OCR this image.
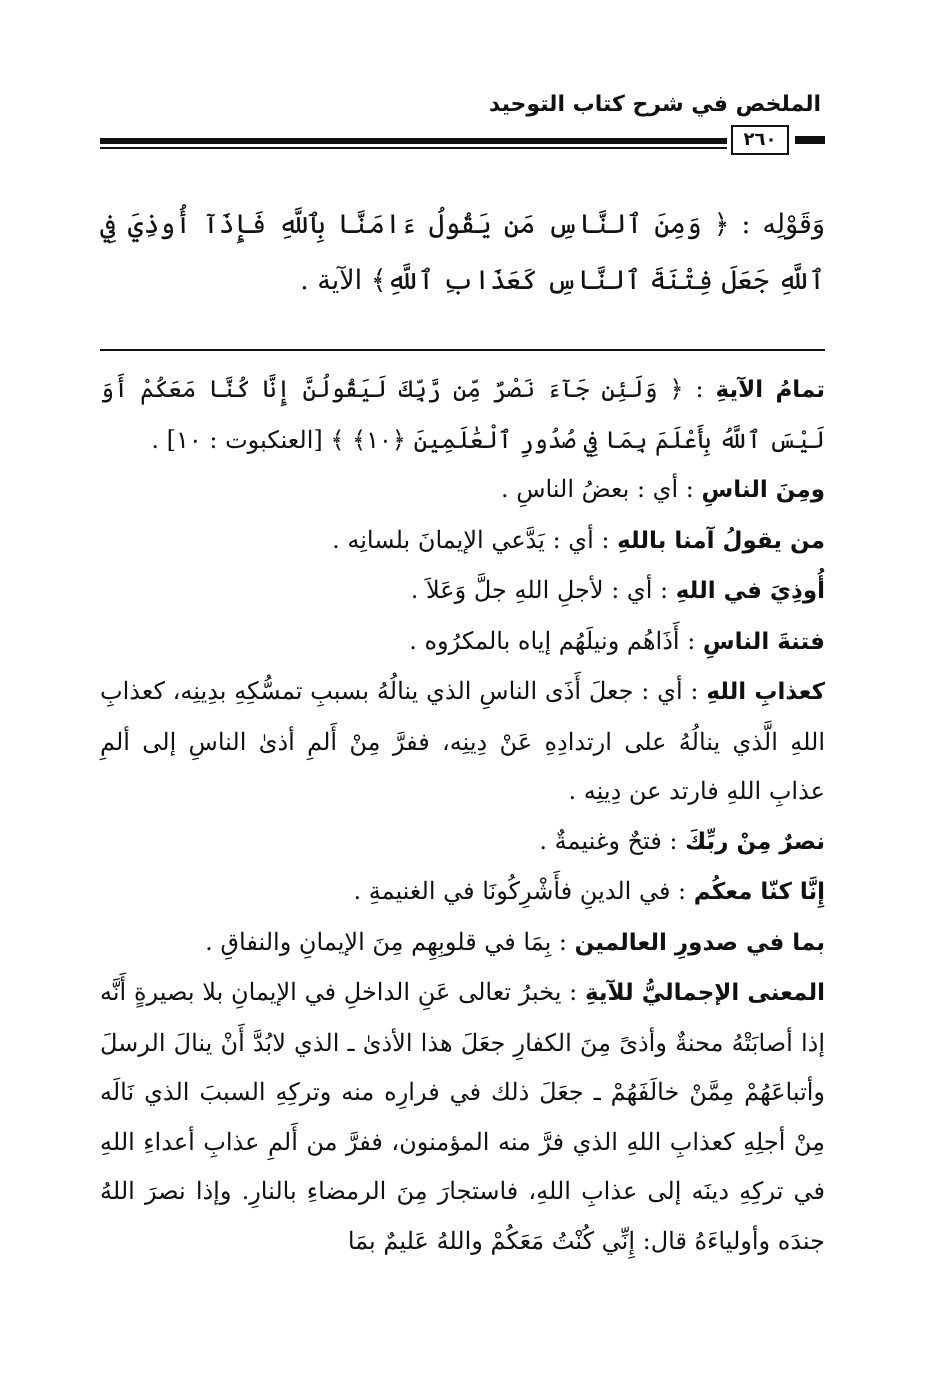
الملخص في شرح كتاب التوحيد
٢٦٠
وَقَوْلِه : ﴿ وَمِنَ ٱلنَّاسِ مَن يَقُولُ ءَامَنَّا بِٱللَّهِ فَإِذَآ أُوذِيَ فِي ٱللَّهِ جَعَلَ فِتْنَةَ ٱلنَّاسِ كَعَذَابِ ٱللَّهِ﴾ الآية .

تمامُ الآيةِ : ﴿ وَلَئِن جَآءَ نَصْرٌ مِّن رَّبِّكَ لَيَقُولُنَّ إِنَّا كُنَّا مَعَكُمْ أَوَ لَيْسَ ٱللَّهُ بِأَعْلَمَ بِمَا فِي صُدُورِ ٱلْعَٰلَمِينَ ﴿١٠﴾ ﴾ [العنكبوت : ١٠] .

ومِنَ الناسِ : أي : بعضُ الناسِ .

من يقولُ آمنا باللهِ : أي : يَدَّعي الإيمانَ بلسانِه .

أُوذِيَ في اللهِ : أي : لأجلِ اللهِ جلَّ وَعَلاَ .

فتنةَ الناسِ : أَذَاهُم ونيلَهُم إياه بالمكرُوه .

كعذابِ اللهِ : أي : جعلَ أَذَى الناسِ الذي ينالُهُ بسببِ تمسُّكِهِ بدِينِه، كعذابِ اللهِ الَّذي ينالُهُ على ارتدادِهِ عَنْ دِينِه، ففرَّ مِنْ أَلمِ أذىٰ الناسِ إلى ألمِ عذابِ اللهِ فارتد عن دِينِه .

نصرٌ مِنْ ربِّكَ : فتحٌ وغنيمةٌ .

إِنَّا كنّا معكُم : في الدينِ فأَشْرِكُونَا في الغنيمةِ .

بما في صدورِ العالمين : بِمَا في قلوبِهِم مِنَ الإيمانِ والنفاقِ .

المعنى الإجماليُّ للآيةِ : يخبرُ تعالى عَنِ الداخلِ في الإيمانِ بلا بصيرةٍ أَنَّه إذا أصابَتْهُ محنةٌ وأذىً مِنَ الكفارِ جعَلَ هذا الأذىٰ ـ الذي لابُدَّ أَنْ ينالَ الرسلَ وأتباعَهُمْ مِمَّنْ خالَفَهُمْ ـ جعَلَ ذلك في فرارِه منه وتركِهِ السببَ الذي نَالَه مِنْ أجلِهِ كعذابِ اللهِ الذي فرَّ منه المؤمنون، ففرَّ من أَلمِ عذابِ أعداءِ اللهِ في تركِهِ دينَه إلى عذابِ اللهِ، فاستجارَ مِنَ الرمضاءِ بالنارِ. وإذا نصرَ اللهُ جندَه وأولياءَهُ قال: إِنِّي كُنْتُ مَعَكُمْ واللهُ عَليمٌ بمَا
